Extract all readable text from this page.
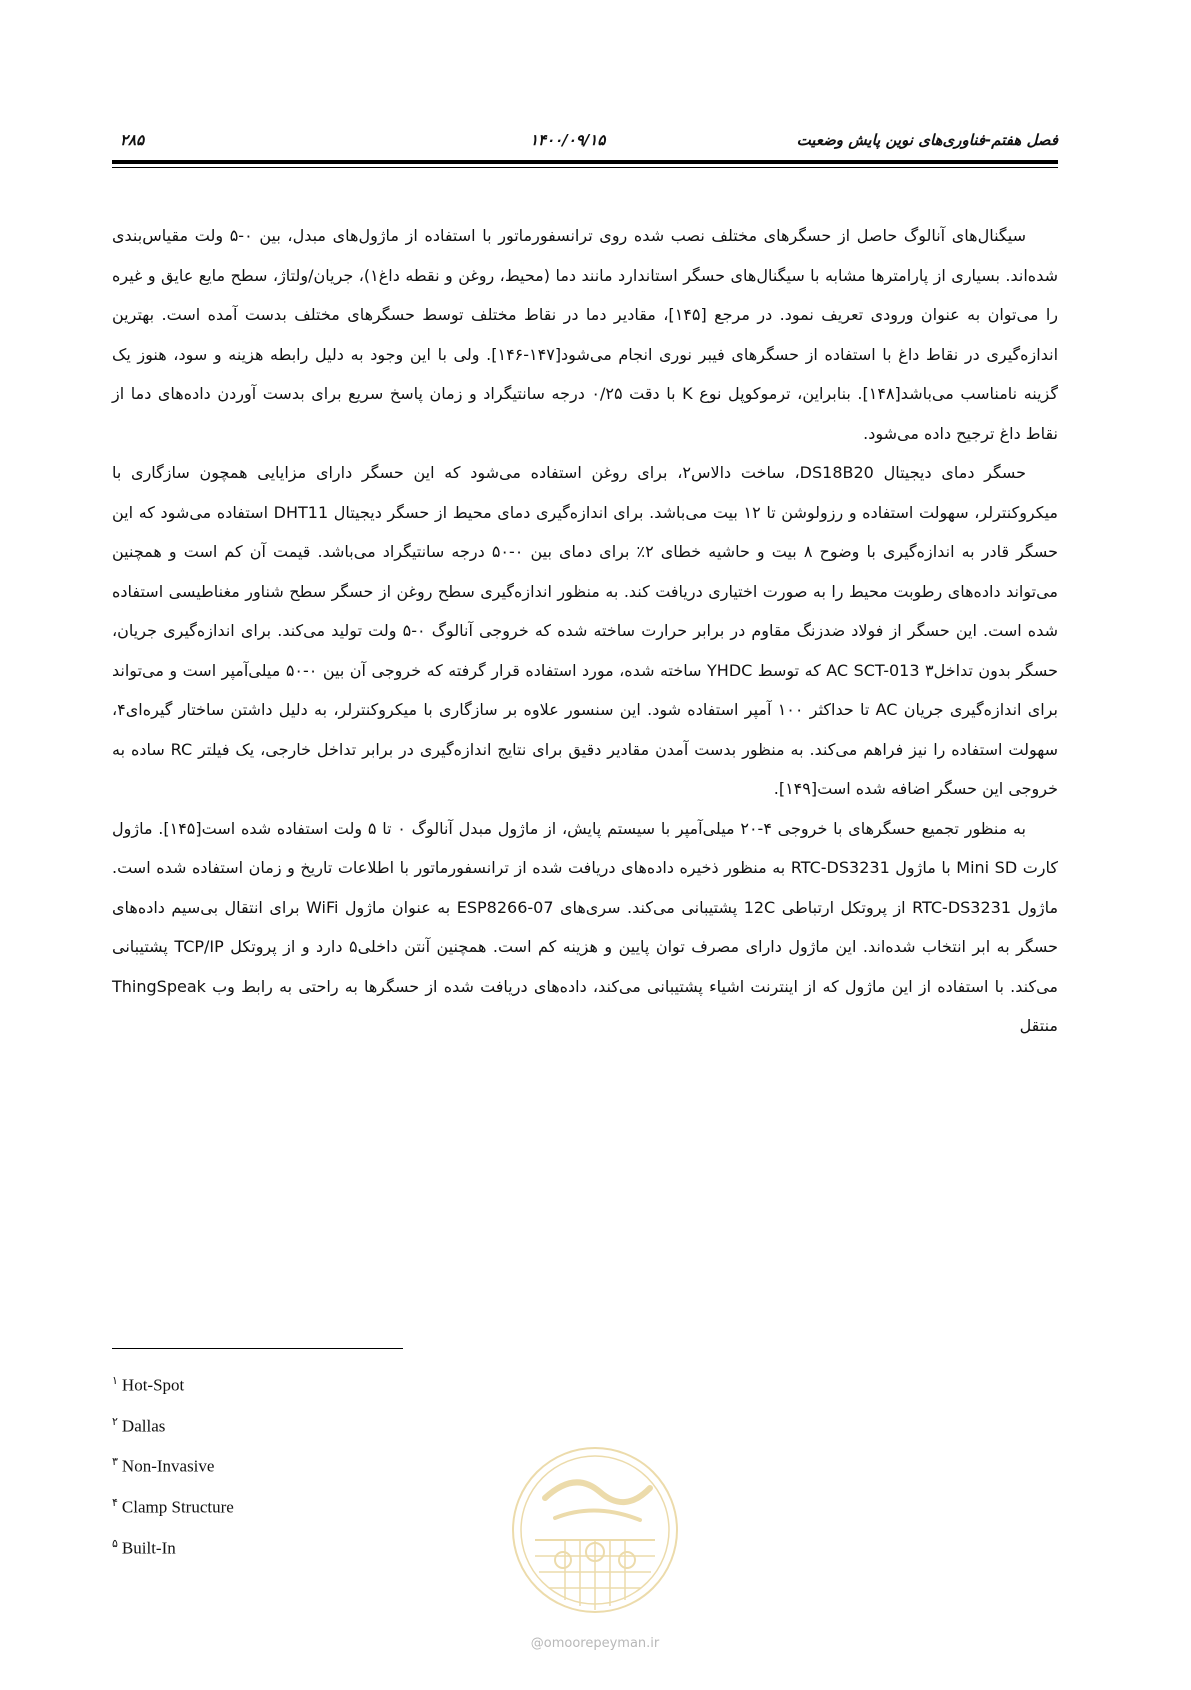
فصل هفتم-فناوری‌های نوین پایش وضعیت
۱۴۰۰/۰۹/۱۵
۲۸۵

سیگنال‌های آنالوگ حاصل از حسگرهای مختلف نصب شده روی ترانسفورماتور با استفاده از ماژول‌های مبدل، بین ۰-۵ ولت مقیاس‌بندی شده‌اند. بسیاری از پارامترها مشابه با سیگنال‌های حسگر استاندارد مانند دما (محیط، روغن و نقطه داغ۱)، جریان/ولتاژ، سطح مایع عایق و غیره را می‌توان به عنوان ورودی تعریف نمود. در مرجع [۱۴۵]، مقادیر دما در نقاط مختلف توسط حسگرهای مختلف بدست آمده است. بهترین اندازه‌گیری در نقاط داغ با استفاده از حسگرهای فیبر نوری انجام می‌شود[۱۴۷-۱۴۶]. ولی با این وجود به دلیل رابطه هزینه و سود، هنوز یک گزینه نامناسب می‌باشد[۱۴۸]. بنابراین، ترموکوپل نوع K با دقت ۰/۲۵ درجه سانتیگراد و زمان پاسخ سریع برای بدست آوردن داده‌های دما از نقاط داغ ترجیح داده می‌شود.

حسگر دمای دیجیتال DS18B20، ساخت دالاس۲، برای روغن استفاده می‌شود که این حسگر دارای مزایایی همچون سازگاری با میکروکنترلر، سهولت استفاده و رزولوشن تا ۱۲ بیت می‌باشد. برای اندازه‌گیری دمای محیط از حسگر دیجیتال DHT11 استفاده می‌شود که این حسگر قادر به اندازه‌گیری با وضوح ۸ بیت و حاشیه خطای ۲٪ برای دمای بین ۰-۵۰ درجه سانتیگراد می‌باشد. قیمت آن کم است و همچنین می‌تواند داده‌های رطوبت محیط را به صورت اختیاری دریافت کند. به منظور اندازه‌گیری سطح روغن از حسگر سطح شناور مغناطیسی استفاده شده است. این حسگر از فولاد ضدزنگ مقاوم در برابر حرارت ساخته شده که خروجی آنالوگ ۰-۵ ولت تولید می‌کند. برای اندازه‌گیری جریان، حسگر بدون تداخل۳ AC SCT-013 که توسط YHDC ساخته شده، مورد استفاده قرار گرفته که خروجی آن بین ۰-۵۰ میلی‌آمپر است و می‌تواند برای اندازه‌گیری جریان AC تا حداکثر ۱۰۰ آمپر استفاده شود. این سنسور علاوه بر سازگاری با میکروکنترلر، به دلیل داشتن ساختار گیره‌ای۴، سهولت استفاده را نیز فراهم می‌کند. به منظور بدست آمدن مقادیر دقیق برای نتایج اندازه‌گیری در برابر تداخل خارجی، یک فیلتر RC ساده به خروجی این حسگر اضافه شده است[۱۴۹].

به منظور تجمیع حسگرهای با خروجی ۴-۲۰ میلی‌آمپر با سیستم پایش، از ماژول مبدل آنالوگ ۰ تا ۵ ولت استفاده شده است[۱۴۵]. ماژول کارت Mini SD با ماژول RTC-DS3231 به منظور ذخیره داده‌های دریافت شده از ترانسفورماتور با اطلاعات تاریخ و زمان استفاده شده است. ماژول RTC-DS3231 از پروتکل ارتباطی 12C پشتیبانی می‌کند. سری‌های ESP8266-07 به عنوان ماژول WiFi برای انتقال بی‌سیم داده‌های حسگر به ابر انتخاب شده‌اند. این ماژول دارای مصرف توان پایین و هزینه کم است. همچنین آنتن داخلی۵ دارد و از پروتکل TCP/IP پشتیبانی می‌کند. با استفاده از این ماژول که از اینترنت اشیاء پشتیبانی می‌کند، داده‌های دریافت شده از حسگرها به راحتی به رابط وب ThingSpeak منتقل

$^۱$ Hot-Spot
$^۲$ Dallas
$^۳$ Non-Invasive
$^۴$ Clamp Structure
$^۵$ Built-In
@omoorepeyman.ir
